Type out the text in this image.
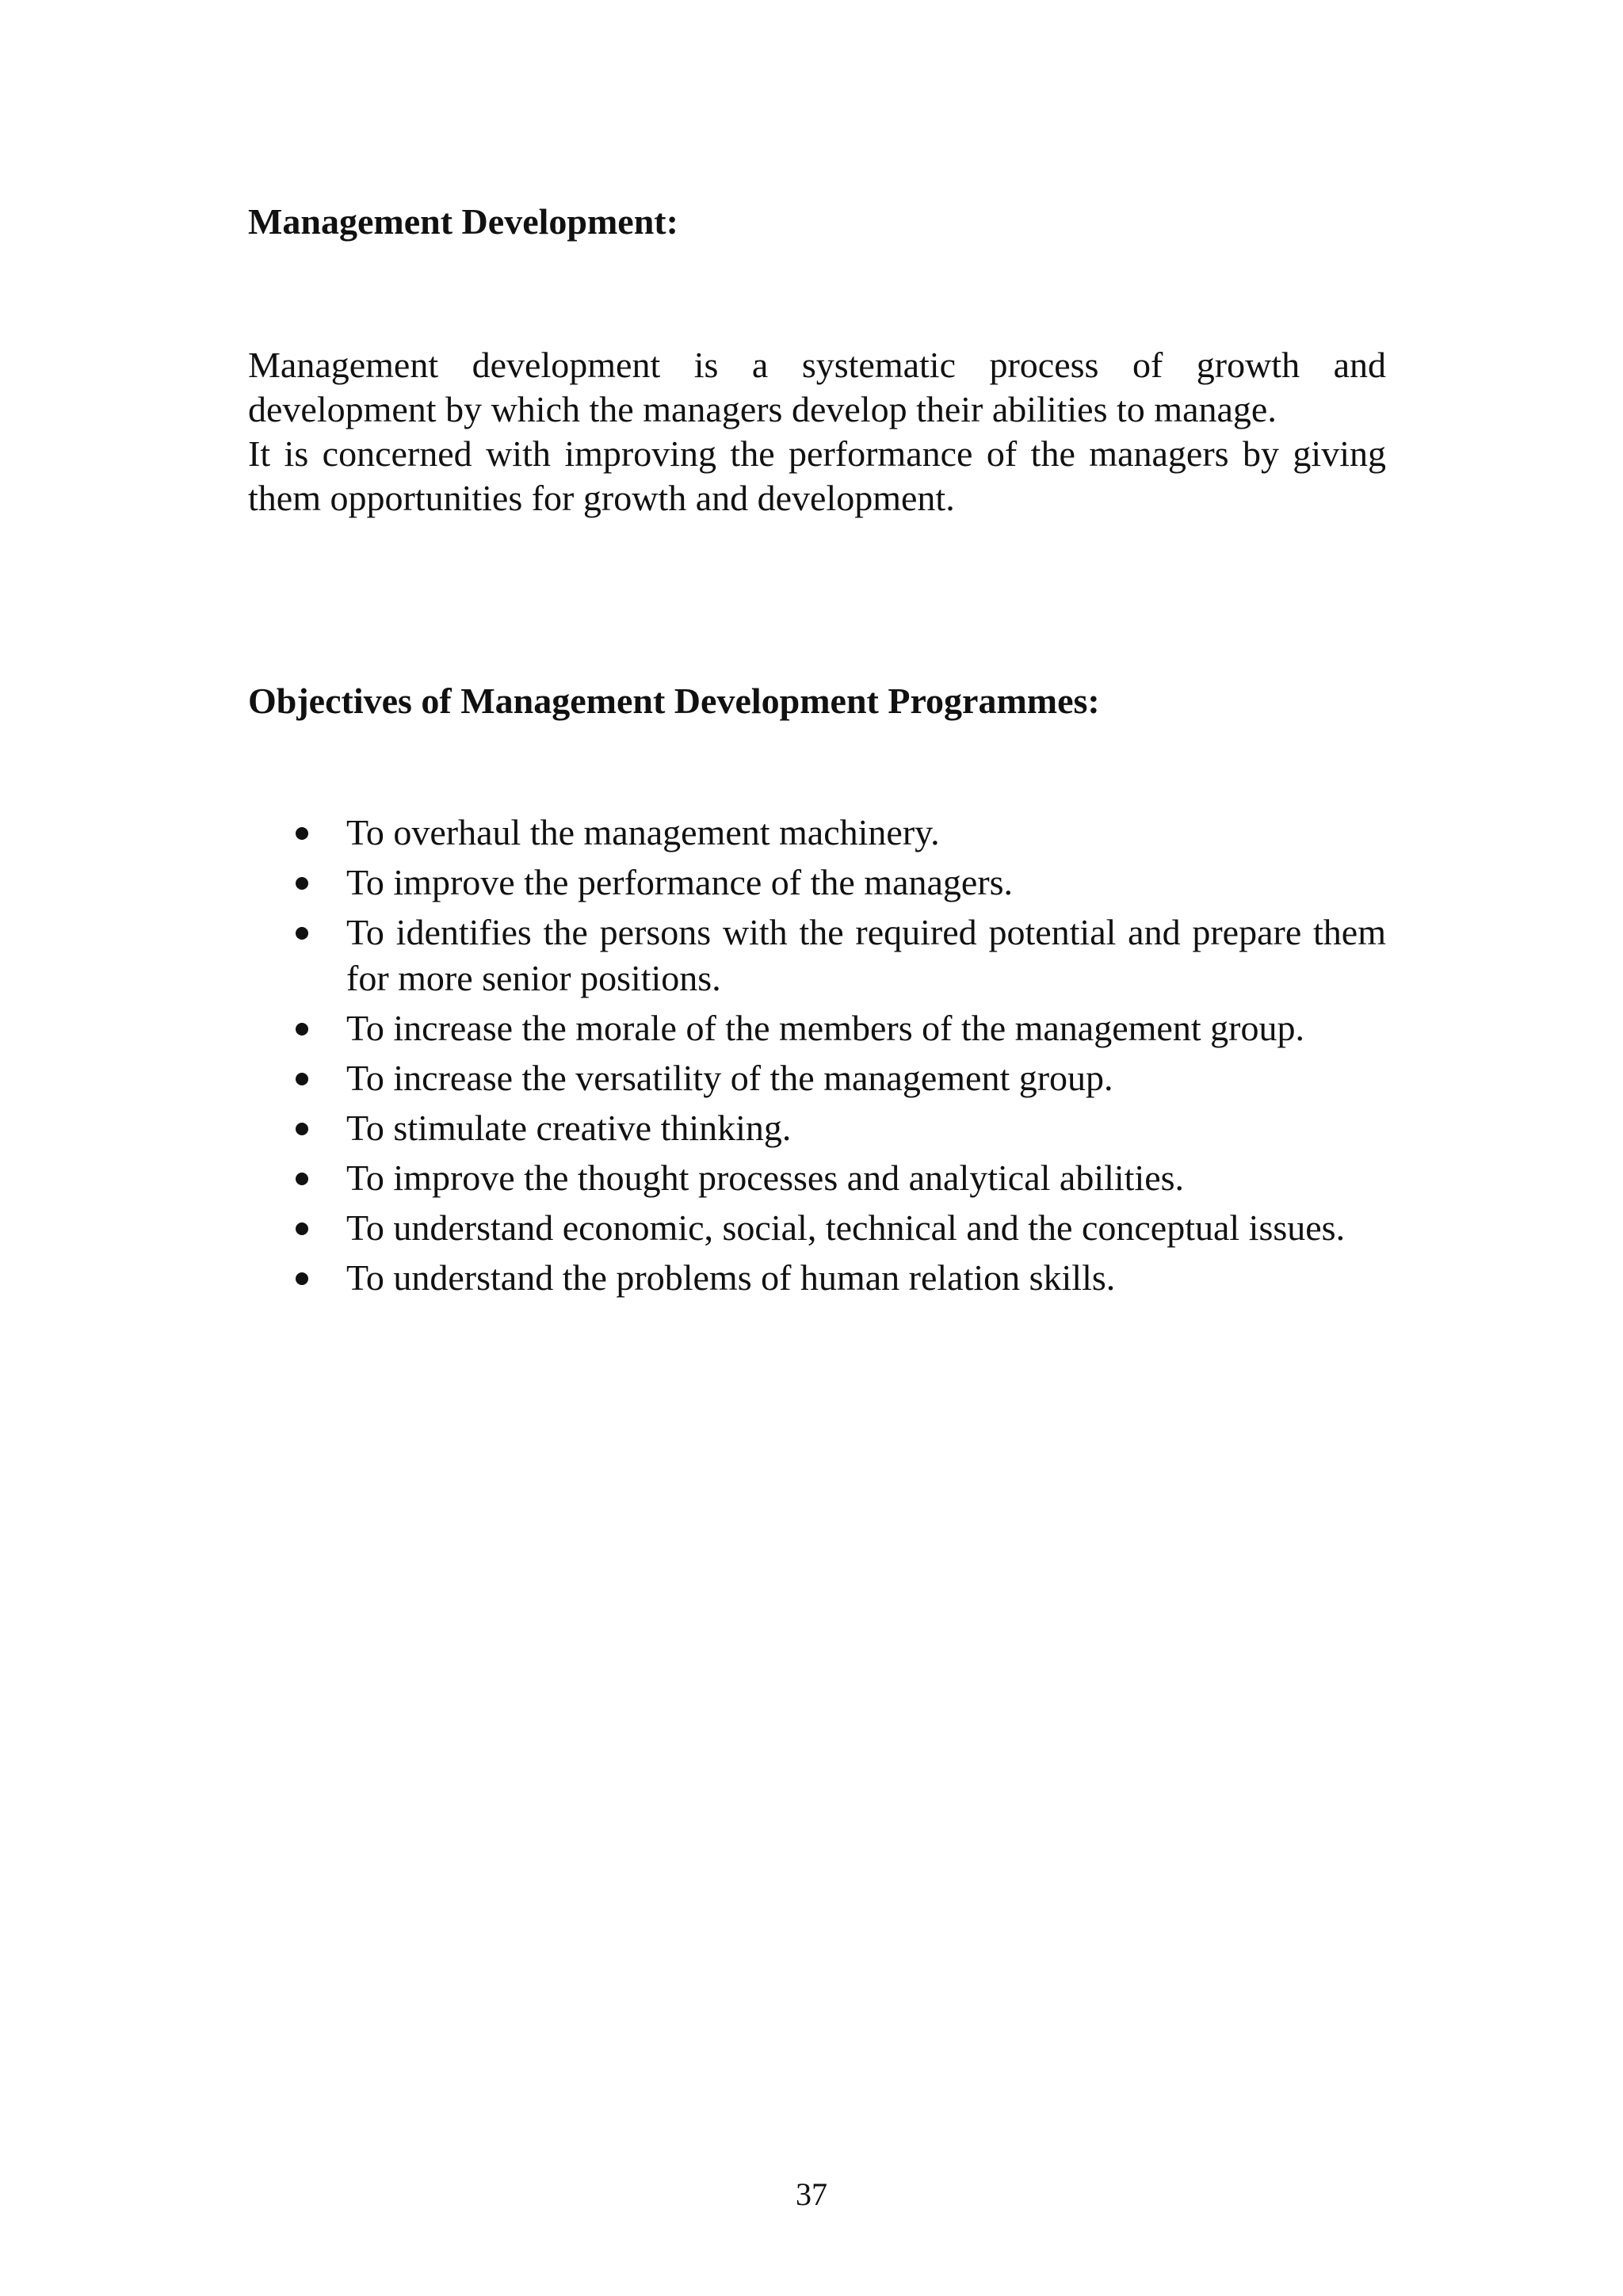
Management Development:

Management development is a systematic process of growth and development by which the managers develop their abilities to manage.

It is concerned with improving the performance of the managers by giving them opportunities for growth and development.

Objectives of Management Development Programmes:
To overhaul the management machinery.
To improve the performance of the managers.
To identifies the persons with the required potential and prepare them for more senior positions.
To increase the morale of the members of the management group.
To increase the versatility of the management group.
To stimulate creative thinking.
To improve the thought processes and analytical abilities.
To understand economic, social, technical and the conceptual issues.
To understand the problems of human relation skills.
37
